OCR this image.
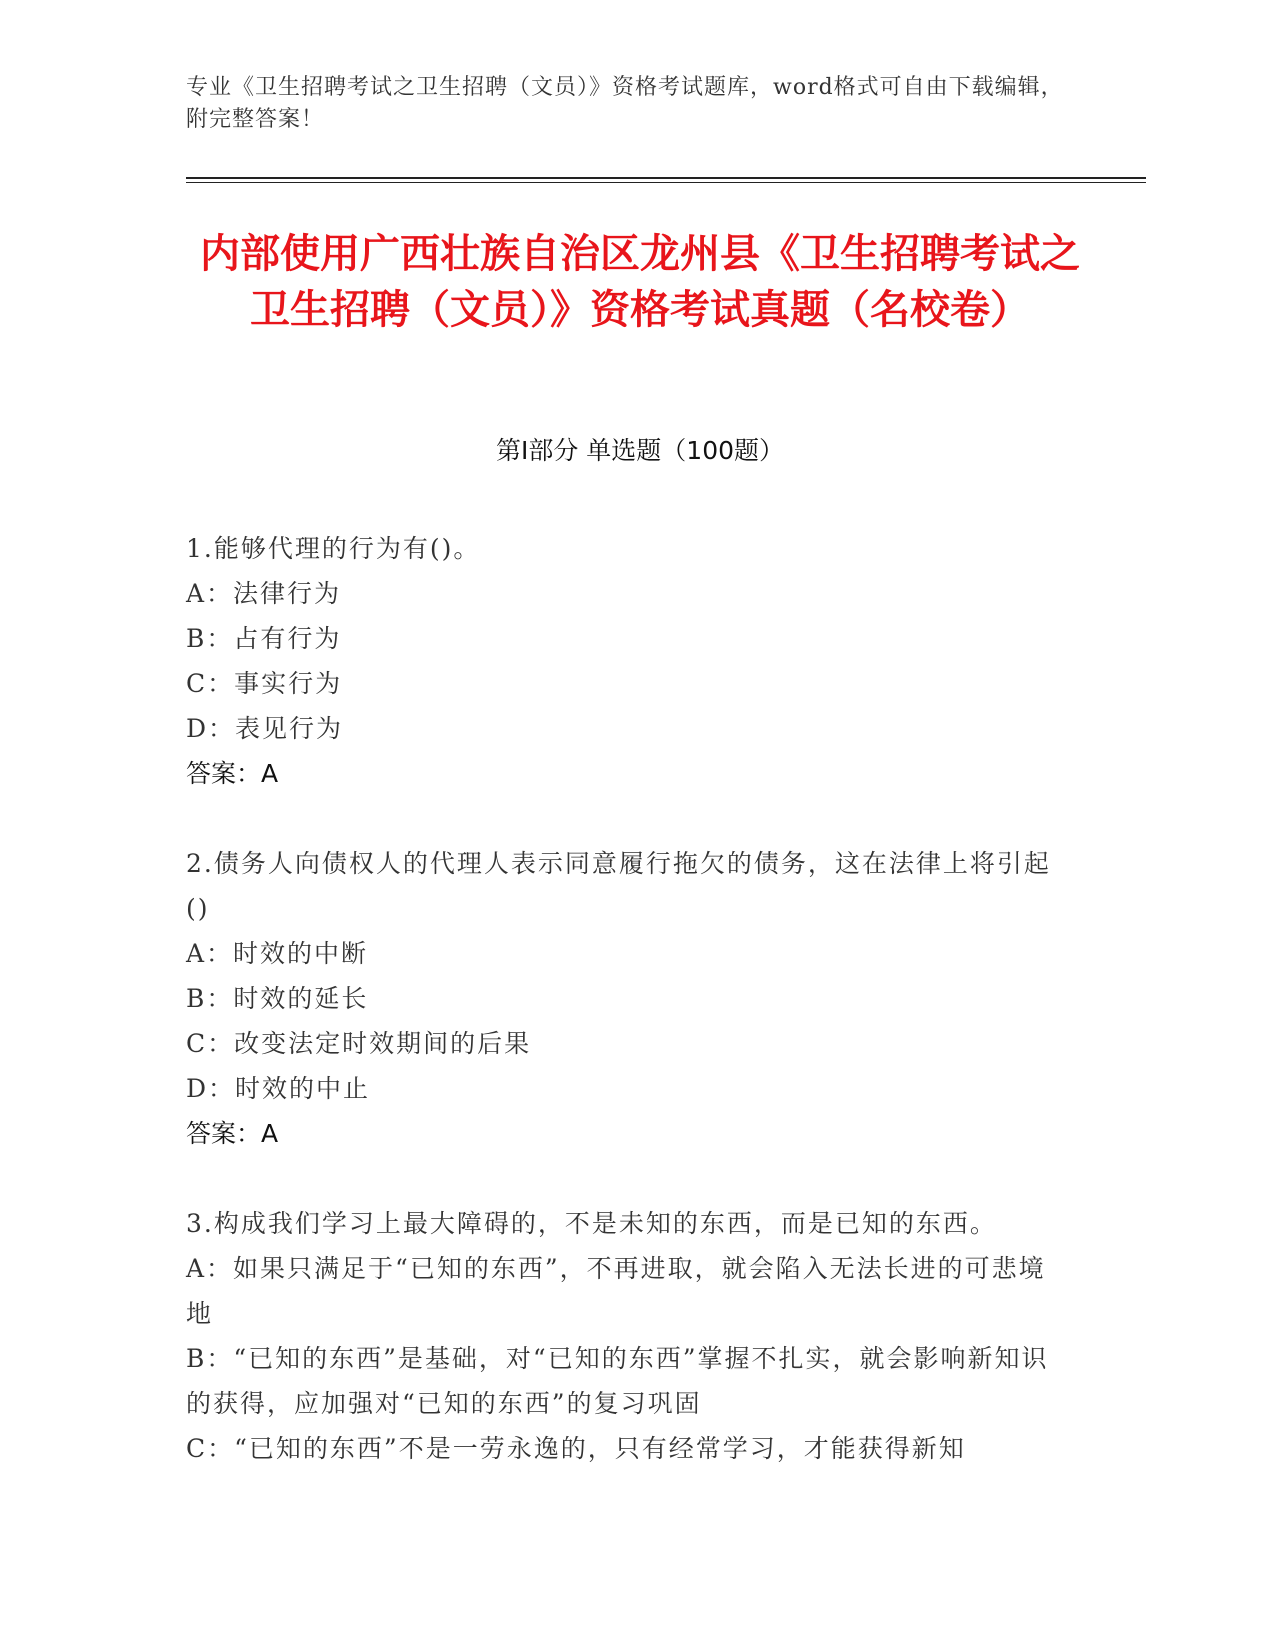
专业《卫生招聘考试之卫生招聘（文员）》资格考试题库，word格式可自由下载编辑，附完整答案！
内部使用广西壮族自治区龙州县《卫生招聘考试之卫生招聘（文员）》资格考试真题（名校卷）
第Ⅰ部分 单选题（100题）
1.能够代理的行为有()。
A：法律行为
B：占有行为
C：事实行为
D：表见行为
答案：A
2.债务人向债权人的代理人表示同意履行拖欠的债务，这在法律上将引起()
A：时效的中断
B：时效的延长
C：改变法定时效期间的后果
D：时效的中止
答案：A
3.构成我们学习上最大障碍的，不是未知的东西，而是已知的东西。
A：如果只满足于“已知的东西”，不再进取，就会陷入无法长进的可悲境地
B：“已知的东西”是基础，对“已知的东西”掌握不扎实，就会影响新知识的获得，应加强对“已知的东西”的复习巩固
C：“已知的东西”不是一劳永逸的，只有经常学习，才能获得新知
